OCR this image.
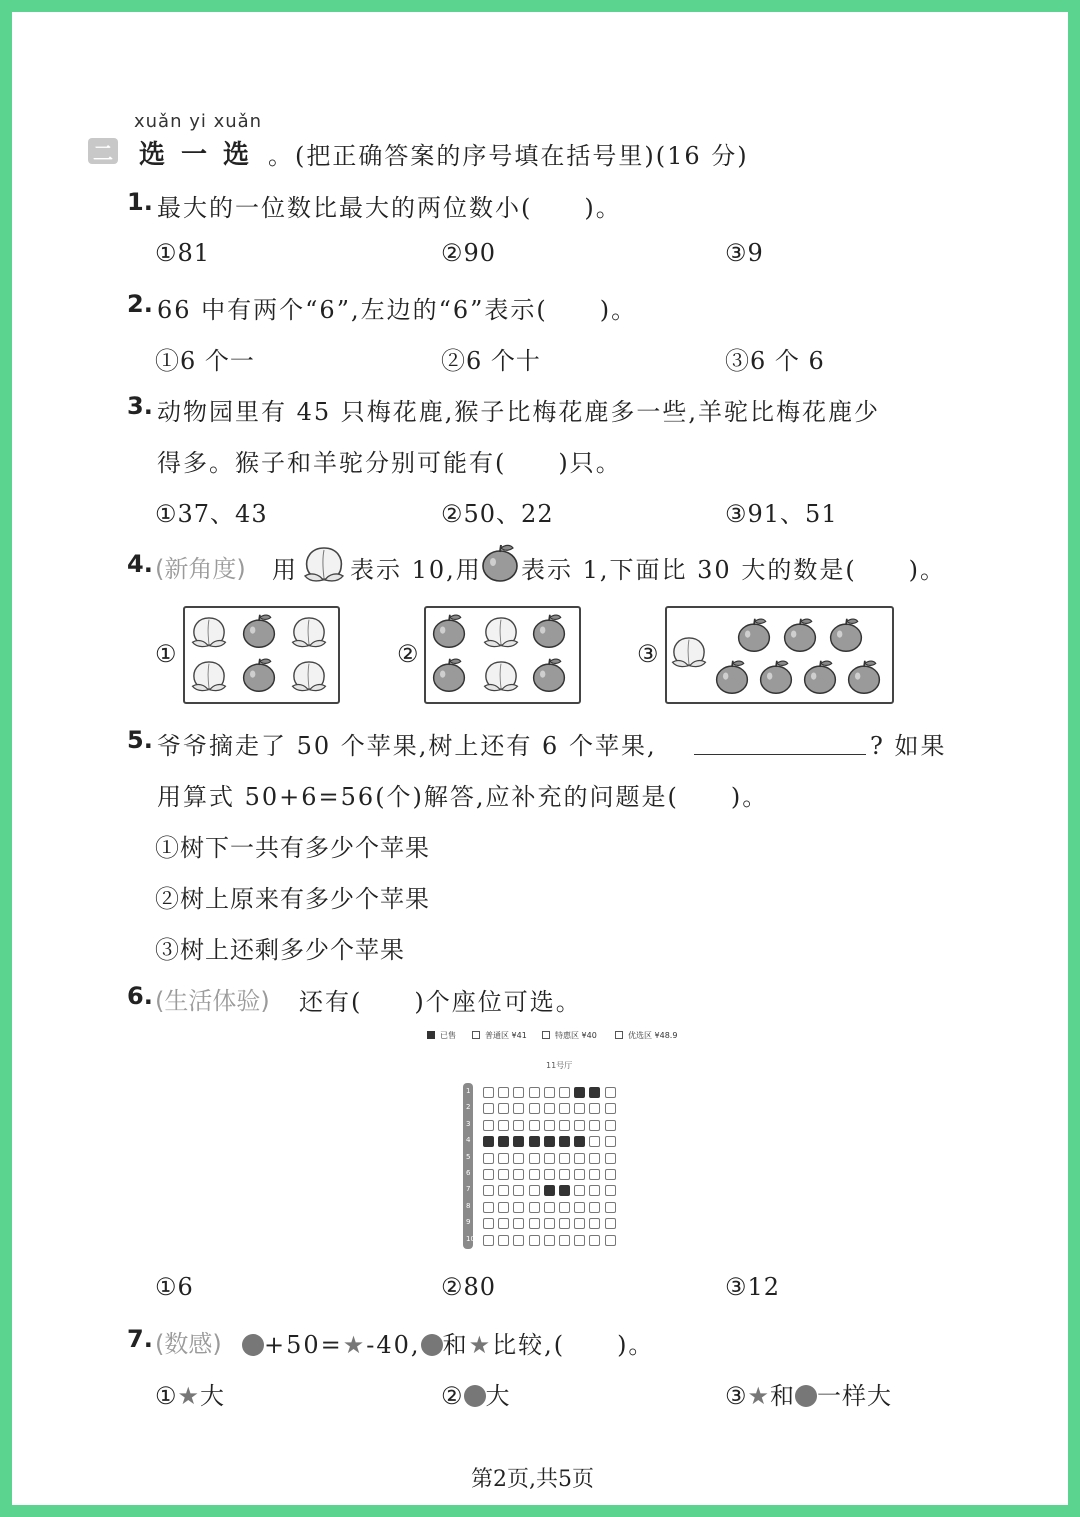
xuǎn yi xuǎn
二 选一选 。 (把正确答案的序号填在括号里)(16 分)
1. 最大的一位数比最大的两位数小(　　)。
①81	②90	③9
2. 66 中有两个“6”,左边的“6”表示(　　)。
①6 个一	②6 个十	③6 个 6
3. 动物园里有 45 只梅花鹿,猴子比梅花鹿多一些,羊驼比梅花鹿少
得多。猴子和羊驼分别可能有(　　)只。
①37、43	②50、22	③91、51
4. (新角度) 用 表示 10,用 表示 1,下面比 30 大的数是(　　)。
①	②	③
5. 爷爷摘走了 50 个苹果,树上还有 6 个苹果,	? 如果
用算式 50+6=56(个)解答,应补充的问题是(　　)。
①树下一共有多少个苹果
②树上原来有多少个苹果
③树上还剩多少个苹果
6. (生活体验) 还有(　　)个座位可选。
已售	普通区 ¥41	特惠区 ¥40	优选区 ¥48.9
11号厅
1
2
3
4
5
6
7
8
9
10
①6	②80	③12
7. (数感)	+50=★-40, 和★比较,(　　)。
①★大	② 大	③★和 一样大
第2页,共5页
